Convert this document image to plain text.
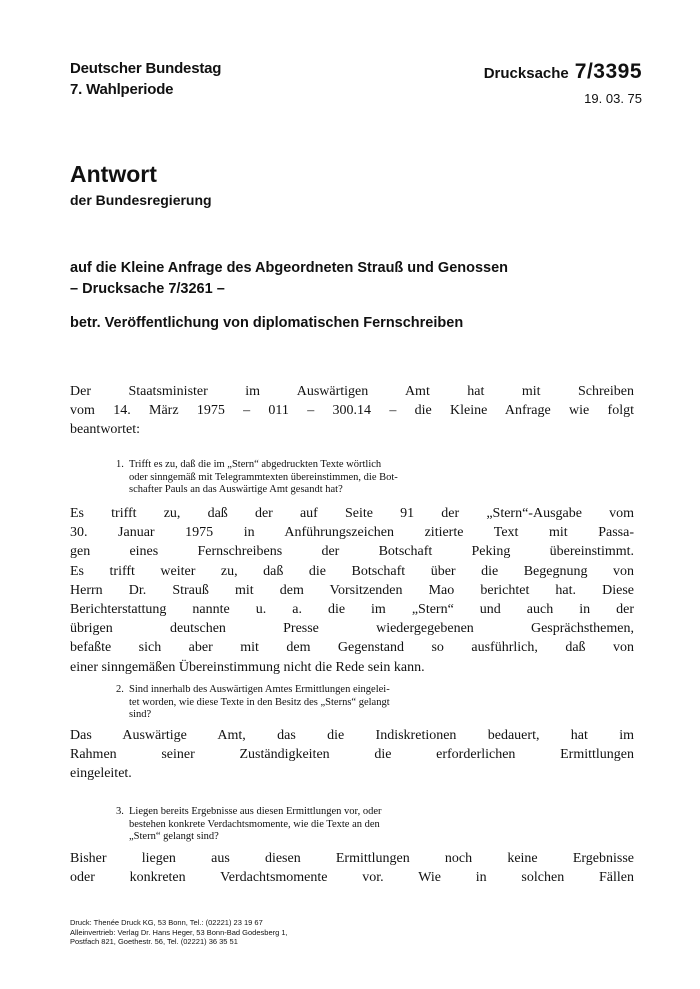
Deutscher Bundestag
7. Wahlperiode
Drucksache 7/3395
19. 03. 75
Antwort
der Bundesregierung
auf die Kleine Anfrage des Abgeordneten Strauß und Genossen
– Drucksache 7/3261 –
betr. Veröffentlichung von diplomatischen Fernschreiben
Der Staatsminister im Auswärtigen Amt hat mit Schreiben
vom 14. März 1975 – 011 – 300.14 – die Kleine Anfrage wie folgt
beantwortet:
1. Trifft es zu, daß die im „Stern“ abgedruckten Texte wörtlich
oder sinngemäß mit Telegrammtexten übereinstimmen, die Bot-
schafter Pauls an das Auswärtige Amt gesandt hat?
Es trifft zu, daß der auf Seite 91 der „Stern“-Ausgabe vom
30. Januar 1975 in Anführungszeichen zitierte Text mit Passa-
gen eines Fernschreibens der Botschaft Peking übereinstimmt.
Es trifft weiter zu, daß die Botschaft über die Begegnung von
Herrn Dr. Strauß mit dem Vorsitzenden Mao berichtet hat. Diese
Berichterstattung nannte u. a. die im „Stern“ und auch in der
übrigen deutschen Presse wiedergegebenen Gesprächsthemen,
befaßte sich aber mit dem Gegenstand so ausführlich, daß von
einer sinngemäßen Übereinstimmung nicht die Rede sein kann.
2. Sind innerhalb des Auswärtigen Amtes Ermittlungen eingelei-
tet worden, wie diese Texte in den Besitz des „Sterns“ gelangt
sind?
Das Auswärtige Amt, das die Indiskretionen bedauert, hat im
Rahmen seiner Zuständigkeiten die erforderlichen Ermittlungen
eingeleitet.
3. Liegen bereits Ergebnisse aus diesen Ermittlungen vor, oder
bestehen konkrete Verdachtsmomente, wie die Texte an den
„Stern“ gelangt sind?
Bisher liegen aus diesen Ermittlungen noch keine Ergebnisse
oder konkreten Verdachtsmomente vor. Wie in solchen Fällen
Druck: Thenée Druck KG, 53 Bonn, Tel.: (02221) 23 19 67
Alleinvertrieb: Verlag Dr. Hans Heger, 53 Bonn-Bad Godesberg 1,
Postfach 821, Goethestr. 56, Tel. (02221) 36 35 51
